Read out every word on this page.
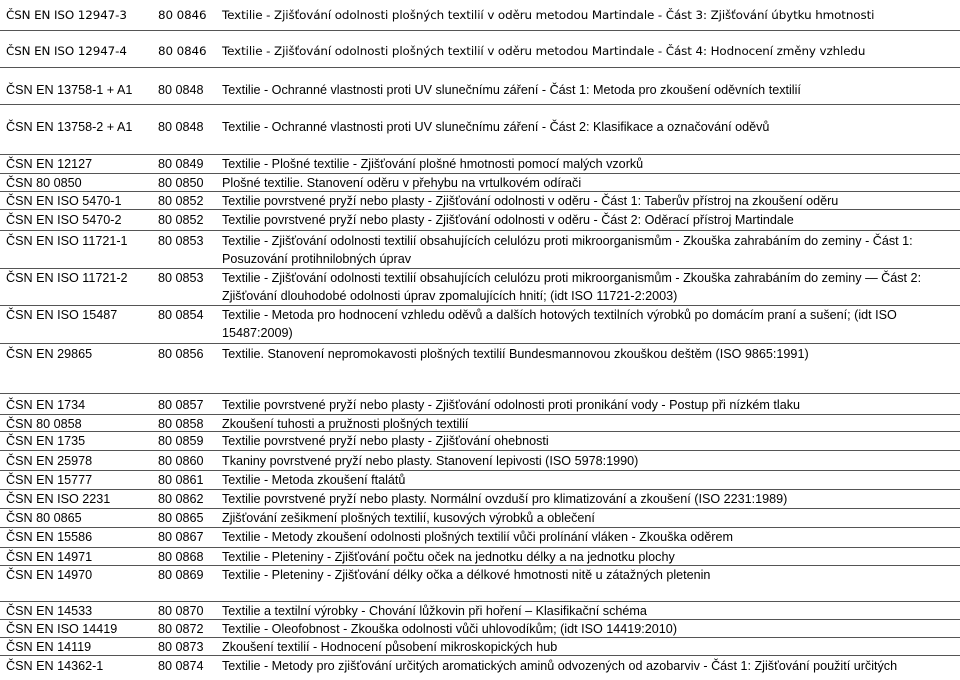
ČSN EN ISO 12947-3	80 0846	Textilie - Zjišťování odolnosti plošných textilií v oděru metodou Martindale - Část 3: Zjišťování úbytku hmotnosti
ČSN EN ISO 12947-4	80 0846	Textilie - Zjišťování odolnosti plošných textilií v oděru metodou Martindale - Část 4: Hodnocení změny vzhledu
ČSN EN 13758-1 + A1	80 0848	Textilie - Ochranné vlastnosti proti UV slunečnímu záření - Část 1: Metoda pro zkoušení oděvních textilií
ČSN EN 13758-2 + A1	80 0848	Textilie - Ochranné vlastnosti proti UV slunečnímu záření - Část 2: Klasifikace a označování oděvů
ČSN EN 12127	80 0849	Textilie - Plošné textilie - Zjišťování plošné hmotnosti pomocí malých vzorků
ČSN 80 0850	80 0850	Plošné textilie. Stanovení oděru v přehybu na vrtulkovém odírači
ČSN EN ISO 5470-1	80 0852	Textilie povrstvené pryží nebo plasty - Zjišťování odolnosti v oděru - Část 1: Taberův přístroj na zkoušení oděru
ČSN EN ISO 5470-2	80 0852	Textilie povrstvené pryží nebo plasty - Zjišťování odolnosti v oděru - Část 2: Oděrací přístroj Martindale
ČSN EN ISO 11721-1	80 0853	Textilie - Zjišťování odolnosti textilií obsahujících celulózu proti mikroorganismům - Zkouška zahrabáním do zeminy - Část 1: Posuzování protihnilobných úprav
ČSN EN ISO 11721-2	80 0853	Textilie - Zjišťování odolnosti textilií obsahujících celulózu proti mikroorganismům - Zkouška zahrabáním do zeminy — Část 2: Zjišťování dlouhodobé odolnosti úprav zpomalujících hnití; (idt ISO 11721-2:2003)
ČSN EN ISO 15487	80 0854	Textilie - Metoda pro hodnocení vzhledu oděvů a dalších hotových textilních výrobků po domácím praní a sušení; (idt ISO 15487:2009)
ČSN EN 29865	80 0856	Textilie. Stanovení nepromokavosti plošných textilií Bundesmannovou zkouškou deštěm (ISO 9865:1991)
ČSN EN 1734	80 0857	Textilie povrstvené pryží nebo plasty - Zjišťování odolnosti proti pronikání vody - Postup při nízkém tlaku
ČSN 80 0858	80 0858	Zkoušení tuhosti a pružnosti plošných textilií
ČSN EN 1735	80 0859	Textilie povrstvené pryží nebo plasty - Zjišťování ohebnosti
ČSN EN 25978	80 0860	Tkaniny povrstvené pryží nebo plasty. Stanovení lepivosti (ISO 5978:1990)
ČSN EN 15777	80 0861	Textilie - Metoda zkoušení ftalátů
ČSN EN ISO 2231	80 0862	Textilie povrstvené pryží nebo plasty. Normální ovzduší pro klimatizování a zkoušení (ISO 2231:1989)
ČSN 80 0865	80 0865	Zjišťování zešikmení plošných textilií, kusových výrobků a oblečení
ČSN EN 15586	80 0867	Textilie - Metody zkoušení odolnosti plošných textilií vůči prolínání vláken - Zkouška oděrem
ČSN EN 14971	80 0868	Textilie - Pleteniny - Zjišťování počtu oček na jednotku délky a na jednotku plochy
ČSN EN 14970	80 0869	Textilie - Pleteniny - Zjišťování délky očka a délkové hmotnosti nitě u zátažných pletenin
ČSN EN 14533	80 0870	Textilie a textilní výrobky - Chování lůžkovin při hoření – Klasifikační schéma
ČSN EN ISO 14419	80 0872	Textilie - Oleofobnost - Zkouška odolnosti vůči uhlovodíkům; (idt ISO 14419:2010)
ČSN EN 14119	80 0873	Zkoušení textilií - Hodnocení působení mikroskopických hub
ČSN EN 14362-1	80 0874	Textilie - Metody pro zjišťování určitých aromatických aminů odvozených od azobarviv - Část 1: Zjišťování použití určitých
